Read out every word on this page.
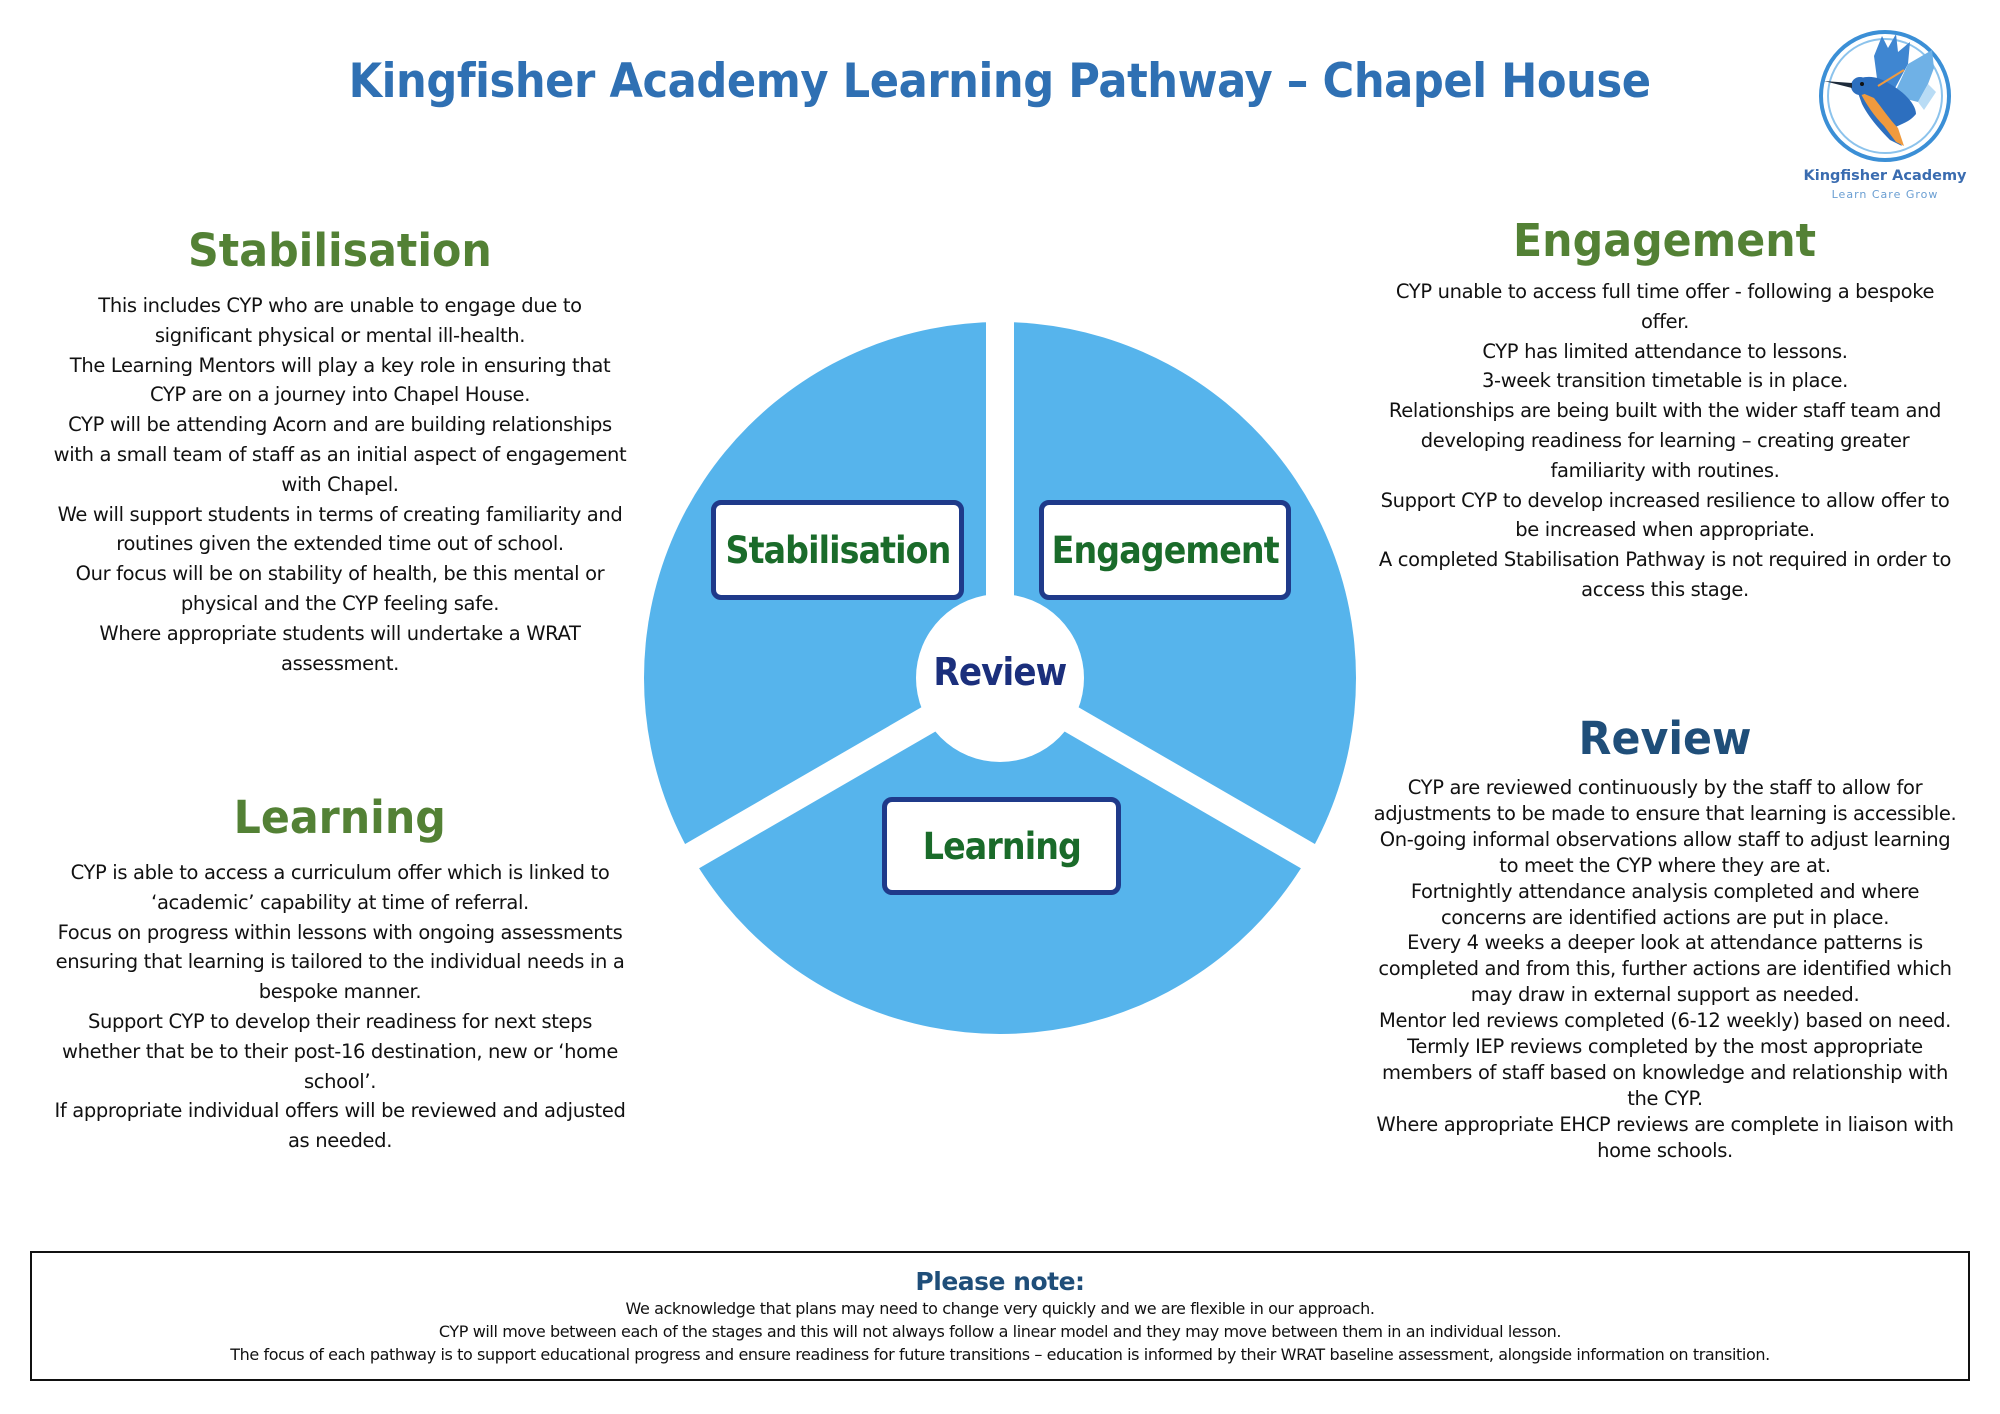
Kingfisher Academy Learning Pathway – Chapel House
Kingfisher Academy
Learn Care Grow
Stabilisation

This includes CYP who are unable to engage due to

significant physical or mental ill-health.

The Learning Mentors will play a key role in ensuring that

CYP are on a journey into Chapel House.

CYP will be attending Acorn and are building relationships

with a small team of staff as an initial aspect of engagement

with Chapel.

We will support students in terms of creating familiarity and

routines given the extended time out of school.

Our focus will be on stability of health, be this mental or

physical and the CYP feeling safe.

Where appropriate students will undertake a WRAT

assessment.

Learning

CYP is able to access a curriculum offer which is linked to

‘academic’ capability at time of referral.

Focus on progress within lessons with ongoing assessments

ensuring that learning is tailored to the individual needs in a

bespoke manner.

Support CYP to develop their readiness for next steps

whether that be to their post-16 destination, new or ‘home

school’.

If appropriate individual offers will be reviewed and adjusted

as needed.

Engagement

CYP unable to access full time offer - following a bespoke

offer.

CYP has limited attendance to lessons.

3-week transition timetable is in place.

Relationships are being built with the wider staff team and

developing readiness for learning – creating greater

familiarity with routines.

Support CYP to develop increased resilience to allow offer to

be increased when appropriate.

A completed Stabilisation Pathway is not required in order to

access this stage.

Review

CYP are reviewed continuously by the staff to allow for

adjustments to be made to ensure that learning is accessible.

On-going informal observations allow staff to adjust learning

to meet the CYP where they are at.

Fortnightly attendance analysis completed and where

concerns are identified actions are put in place.

Every 4 weeks a deeper look at attendance patterns is

completed and from this, further actions are identified which

may draw in external support as needed.

Mentor led reviews completed (6-12 weekly) based on need.

Termly IEP reviews completed by the most appropriate

members of staff based on knowledge and relationship with

the CYP.

Where appropriate EHCP reviews are complete in liaison with

home schools.

Stabilisation	Engagement
Learning
Review
Please note:
We acknowledge that plans may need to change very quickly and we are flexible in our approach.
CYP will move between each of the stages and this will not always follow a linear model and they may move between them in an individual lesson.
The focus of each pathway is to support educational progress and ensure readiness for future transitions – education is informed by their WRAT baseline assessment, alongside information on transition.
